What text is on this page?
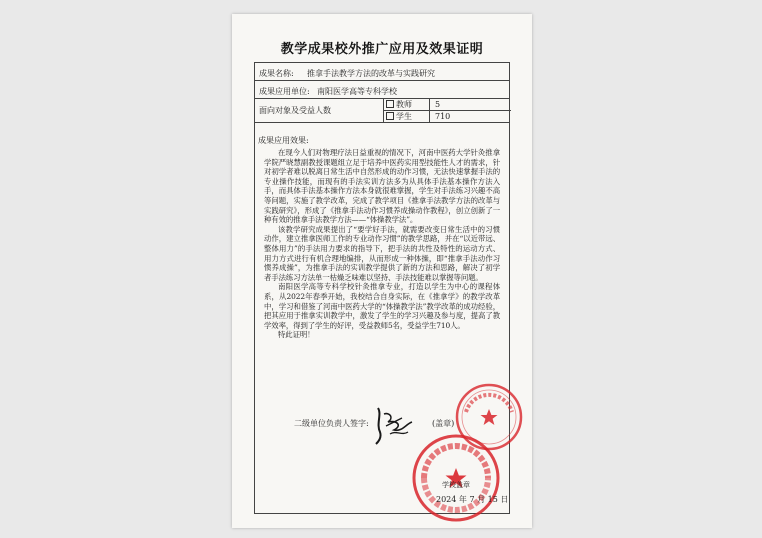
教学成果校外推广应用及效果证明
成果名称: 推拿手法教学方法的改革与实践研究
成果应用单位: 南阳医学高等专科学校
面向对象及受益人数
教师	5
学生	710
成果应用效果:

在现今人们对物理疗法日益重视的情况下，河南中医药大学针灸推拿学院严晓慧副教授课题组立足于培养中医药实用型技能性人才的需求，针对初学者难以脱离日常生活中自然形成的动作习惯，无法快速掌握手法的专业操作技能，而现有的手法实训方法多为从具体手法基本操作方法入手，而具体手法基本操作方法本身就很难掌握，学生对手法练习兴趣不高等问题，实施了教学改革，完成了教学项目《推拿手法教学方法的改革与实践研究》，形成了《推拿手法动作习惯养成操动作教程》，创立创新了一种有效的推拿手法教学方法——“体操教学法”。

该教学研究成果提出了“要学好手法，就需要改变日常生活中的习惯动作，建立推拿医师工作的专业动作习惯”的教学思路，并在“以近带远、整体用力”的手法用力要求的指导下，把手法的共性及特性的运动方式、用力方式进行有机合理地编排，从而形成一种体操，即“推拿手法动作习惯养成操”，为推拿手法的实训教学提供了新的方法和思路，解决了初学者手法练习方法单一枯燥乏味难以坚持、手法技能难以掌握等问题。

南阳医学高等专科学校针灸推拿专业，打造以学生为中心的课程体系，从2022年春季开始，我校结合自身实际，在《推拿学》的教学改革中，学习和借鉴了河南中医药大学的“体操教学法”教学改革的成功经验，把其应用于推拿实训教学中，激发了学生的学习兴趣及参与度，提高了教学效率，得到了学生的好评，受益教师5名，受益学生710人。

特此证明！

二级单位负责人签字:	(盖章)
学校盖章
2024 年 7 月 15 日
